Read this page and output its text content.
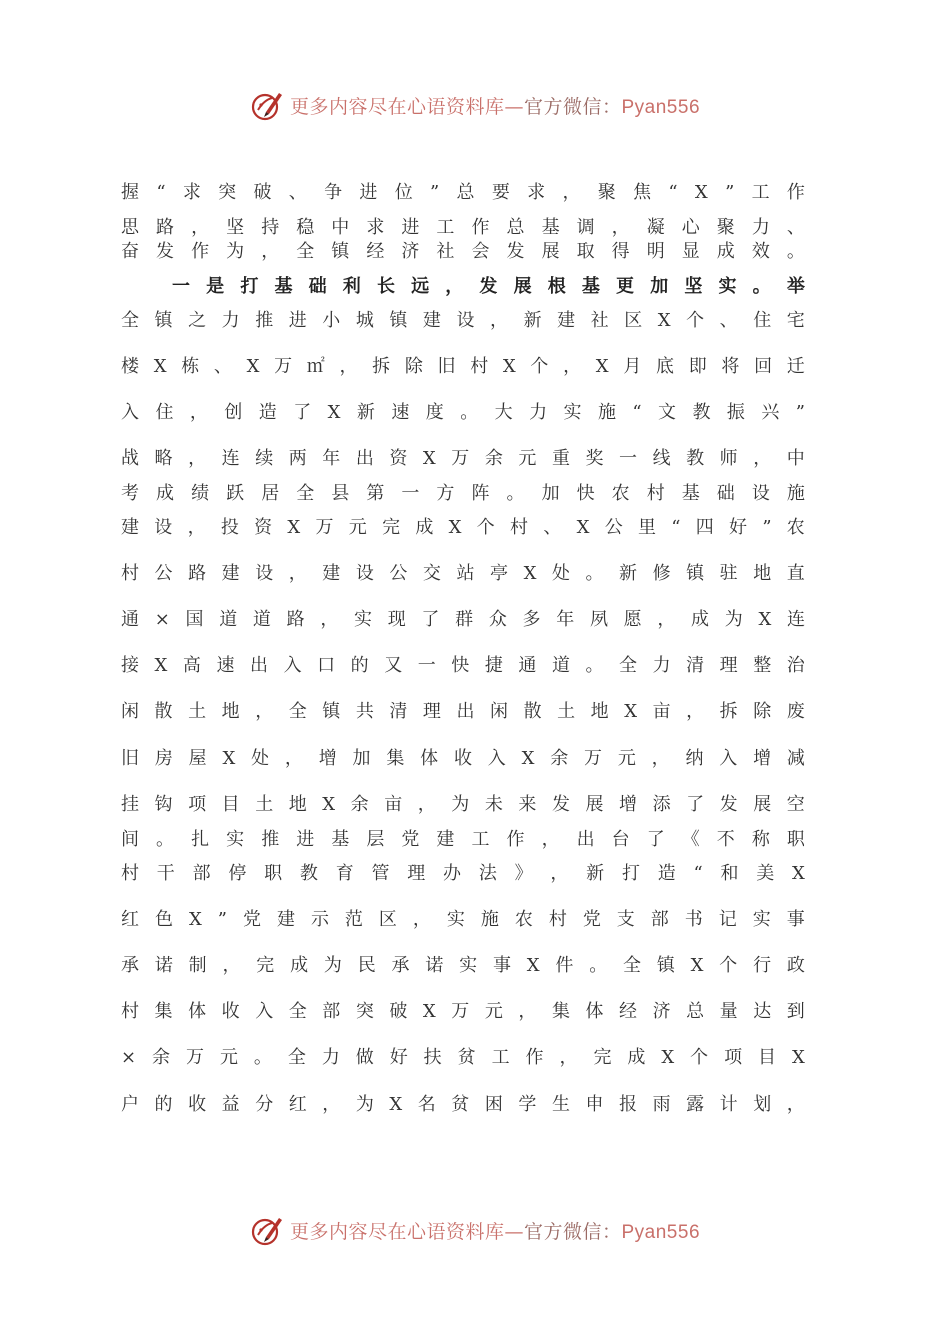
更多内容尽在心语资料库—官方微信：Pyan556
握 “ 求 突 破 、 争 进 位 ” 总 要 求 ， 聚 焦 “ X ” 工 作
思 路 ， 坚 持 稳 中 求 进 工 作 总 基 调 ， 凝 心 聚 力 、
奋 发 作 为 ， 全 镇 经 济 社 会 发 展 取 得 明 显 成 效 。
一 是 打 基 础 利 长 远 ， 发 展 根 基 更 加 坚 实 。 举
全 镇 之 力 推 进 小 城 镇 建 设 ， 新 建 社 区 X 个 、 住 宅
楼 X 栋 、 X 万 ㎡ ， 拆 除 旧 村 X 个 ， X 月 底 即 将 回 迁
入 住 ， 创 造 了 X 新 速 度 。 大 力 实 施 “ 文 教 振 兴 ”
战 略 ， 连 续 两 年 出 资 X 万 余 元 重 奖 一 线 教 师 ， 中
考 成 绩 跃 居 全 县 第 一 方 阵 。 加 快 农 村 基 础 设 施
建 设 ， 投 资 X 万 元 完 成 X 个 村 、 X 公 里 “ 四 好 ” 农
村 公 路 建 设 ， 建 设 公 交 站 亭 X 处 。 新 修 镇 驻 地 直
通 × 国 道 道 路 ， 实 现 了 群 众 多 年 夙 愿 ， 成 为 X 连
接 X 高 速 出 入 口 的 又 一 快 捷 通 道 。 全 力 清 理 整 治
闲 散 土 地 ， 全 镇 共 清 理 出 闲 散 土 地 X 亩 ， 拆 除 废
旧 房 屋 X 处 ， 增 加 集 体 收 入 X 余 万 元 ， 纳 入 增 减
挂 钩 项 目 土 地 X 余 亩 ， 为 未 来 发 展 增 添 了 发 展 空
间 。 扎 实 推 进 基 层 党 建 工 作 ， 出 台 了 《 不 称 职
村 干 部 停 职 教 育 管 理 办 法 》 ， 新 打 造 “ 和 美 X
红 色 X ” 党 建 示 范 区 ， 实 施 农 村 党 支 部 书 记 实 事
承 诺 制 ， 完 成 为 民 承 诺 实 事 X 件 。 全 镇 X 个 行 政
村 集 体 收 入 全 部 突 破 X 万 元 ， 集 体 经 济 总 量 达 到
× 余 万 元 。 全 力 做 好 扶 贫 工 作 ， 完 成 X 个 项 目 X
户 的 收 益 分 红 ， 为 X 名 贫 困 学 生 申 报 雨 露 计 划 ，
更多内容尽在心语资料库—官方微信：Pyan556
